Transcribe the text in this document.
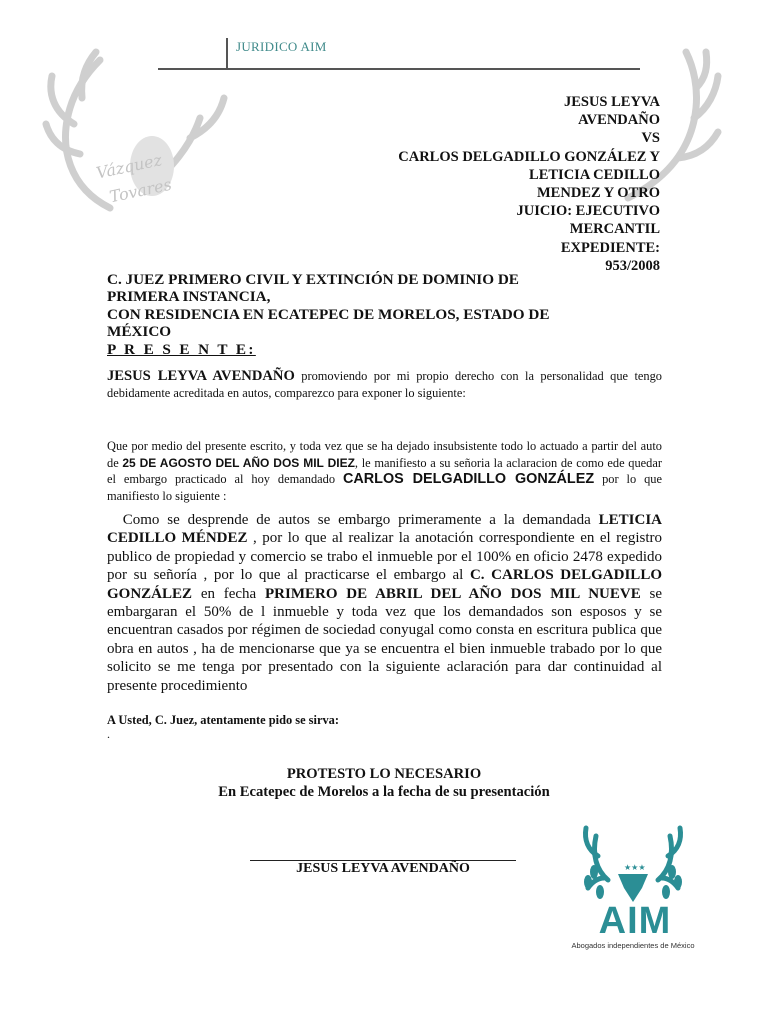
JURIDICO AIM
Vázquez
Tovares
JESUS LEYVA
AVENDAÑO
VS
CARLOS DELGADILLO GONZÁLEZ Y
LETICIA CEDILLO
MENDEZ Y OTRO
JUICIO: EJECUTIVO
MERCANTIL
EXPEDIENTE:
953/2008
C. JUEZ PRIMERO CIVIL Y EXTINCIÓN DE DOMINIO DE
PRIMERA INSTANCIA,
CON RESIDENCIA EN ECATEPEC DE MORELOS, ESTADO DE
MÉXICO
P R E S E N T E:
JESUS LEYVA AVENDAÑO promoviendo por mi propio derecho con la personalidad que tengo debidamente acreditada en autos, comparezco para exponer lo siguiente:
Que por medio del presente escrito, y toda vez que se ha dejado insubsistente todo lo actuado a partir del auto de 25 DE AGOSTO DEL AÑO DOS MIL DIEZ, le manifiesto a su señoria la aclaracion de como ede quedar el embargo practicado al hoy demandado CARLOS DELGADILLO GONZÁLEZ por lo que manifiesto lo siguiente :
Como se desprende de autos se embargo primeramente a la demandada LETICIA CEDILLO MÉNDEZ , por lo que al realizar la anotación correspondiente en el registro publico de propiedad y comercio se trabo el inmueble por el 100% en oficio 2478 expedido por su señoría , por lo que al practicarse el embargo al C. CARLOS DELGADILLO GONZÁLEZ en fecha PRIMERO DE ABRIL DEL AÑO DOS MIL NUEVE se embargaran el 50% de l inmueble y toda vez que los demandados son esposos y se encuentran casados por régimen de sociedad conyugal como consta en escritura publica que obra en autos , ha de mencionarse que ya se encuentra el bien inmueble trabado por lo que solicito se me tenga por presentado con la siguiente aclaración para dar continuidad al presente procedimiento
A Usted, C. Juez, atentamente pido se sirva:
.
PROTESTO LO NECESARIO
En Ecatepec de Morelos a la fecha de su presentación
JESUS LEYVA AVENDAÑO	★★★
AIM
Abogados independientes de México
